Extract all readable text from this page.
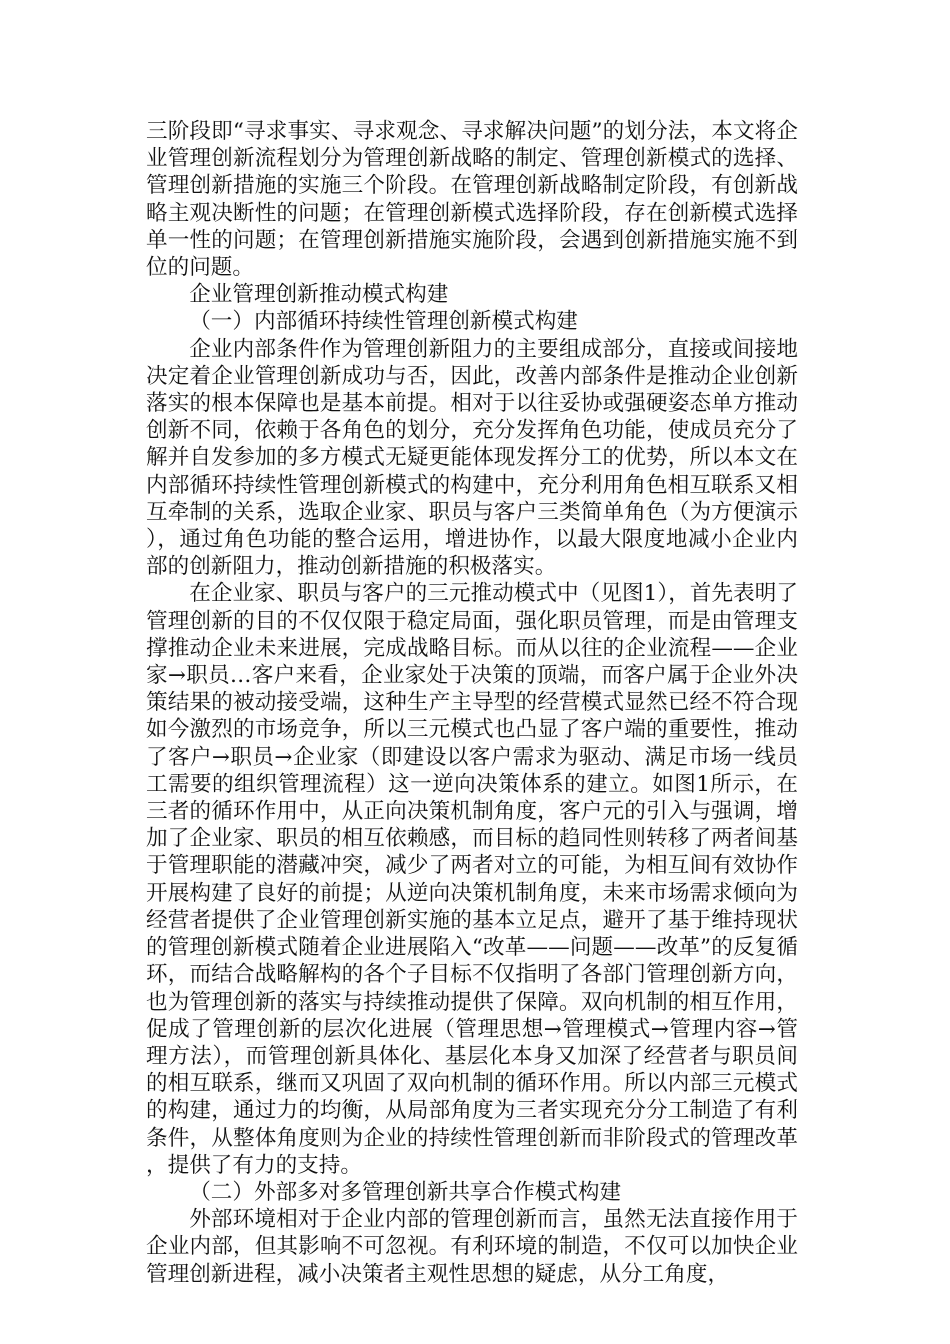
三阶段即“寻求事实、寻求观念、寻求解决问题”的划分法，本文将企业管理创新流程划分为管理创新战略的制定、管理创新模式的选择、管理创新措施的实施三个阶段。在管理创新战略制定阶段，有创新战略主观决断性的问题；在管理创新模式选择阶段，存在创新模式选择单一性的问题；在管理创新措施实施阶段，会遇到创新措施实施不到位的问题。

企业管理创新推动模式构建

（一）内部循环持续性管理创新模式构建

企业内部条件作为管理创新阻力的主要组成部分，直接或间接地决定着企业管理创新成功与否，因此，改善内部条件是推动企业创新落实的根本保障也是基本前提。相对于以往妥协或强硬姿态单方推动创新不同，依赖于各角色的划分，充分发挥角色功能，使成员充分了解并自发参加的多方模式无疑更能体现发挥分工的优势，所以本文在内部循环持续性管理创新模式的构建中，充分利用角色相互联系又相互牵制的关系，选取企业家、职员与客户三类简单角色（为方便演示），通过角色功能的整合运用，增进协作，以最大限度地减小企业内部的创新阻力，推动创新措施的积极落实。

在企业家、职员与客户的三元推动模式中（见图1），首先表明了管理创新的目的不仅仅限于稳定局面，强化职员管理，而是由管理支撑推动企业未来进展，完成战略目标。而从以往的企业流程——企业家→职员…客户来看，企业家处于决策的顶端，而客户属于企业外决策结果的被动接受端，这种生产主导型的经营模式显然已经不符合现如今激烈的市场竞争，所以三元模式也凸显了客户端的重要性，推动了客户→职员→企业家（即建设以客户需求为驱动、满足市场一线员工需要的组织管理流程）这一逆向决策体系的建立。如图1所示，在三者的循环作用中，从正向决策机制角度，客户元的引入与强调，增加了企业家、职员的相互依赖感，而目标的趋同性则转移了两者间基于管理职能的潜藏冲突，减少了两者对立的可能，为相互间有效协作开展构建了良好的前提；从逆向决策机制角度，未来市场需求倾向为经营者提供了企业管理创新实施的基本立足点，避开了基于维持现状的管理创新模式随着企业进展陷入“改革——问题——改革”的反复循环，而结合战略解构的各个子目标不仅指明了各部门管理创新方向，也为管理创新的落实与持续推动提供了保障。双向机制的相互作用，促成了管理创新的层次化进展（管理思想→管理模式→管理内容→管理方法），而管理创新具体化、基层化本身又加深了经营者与职员间的相互联系，继而又巩固了双向机制的循环作用。所以内部三元模式的构建，通过力的均衡，从局部角度为三者实现充分分工制造了有利条件，从整体角度则为企业的持续性管理创新而非阶段式的管理改革，提供了有力的支持。

（二）外部多对多管理创新共享合作模式构建

外部环境相对于企业内部的管理创新而言，虽然无法直接作用于企业内部，但其影响不可忽视。有利环境的制造，不仅可以加快企业管理创新进程，减小决策者主观性思想的疑虑，从分工角度，
